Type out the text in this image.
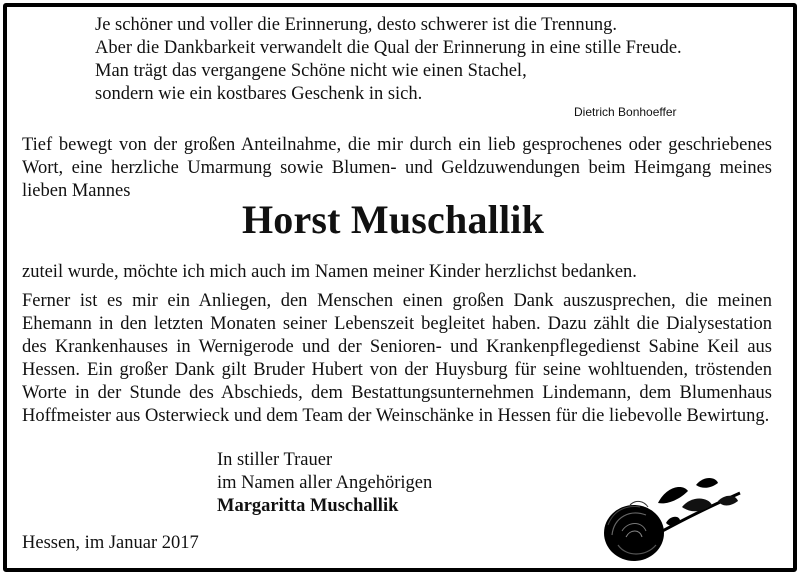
Je schöner und voller die Erinnerung, desto schwerer ist die Trennung.
Aber die Dankbarkeit verwandelt die Qual der Erinnerung in eine stille Freude.
Man trägt das vergangene Schöne nicht wie einen Stachel,
sondern wie ein kostbares Geschenk in sich.
Dietrich Bonhoeffer
Tief bewegt von der großen Anteilnahme, die mir durch ein lieb gesprochenes oder geschriebenes Wort, eine herzliche Umarmung sowie Blumen- und Geldzuwendungen beim Heimgang meines lieben Mannes
Horst Muschallik
zuteil wurde, möchte ich mich auch im Namen meiner Kinder herzlichst bedanken.
Ferner ist es mir ein Anliegen, den Menschen einen großen Dank auszusprechen, die meinen Ehemann in den letzten Monaten seiner Lebenszeit begleitet haben. Dazu zählt die Dialysestation des Krankenhauses in Wernigerode und der Senioren- und Krankenpflegedienst Sabine Keil aus Hessen. Ein großer Dank gilt Bruder Hubert von der Huysburg für seine wohltuenden, tröstenden Worte in der Stunde des Abschieds, dem Bestattungsunternehmen Lindemann, dem Blumenhaus Hoffmeister aus Osterwieck und dem Team der Weinschänke in Hessen für die liebevolle Bewirtung.
In stiller Trauer
im Namen aller Angehörigen
Margaritta Muschallik
Hessen, im Januar 2017
